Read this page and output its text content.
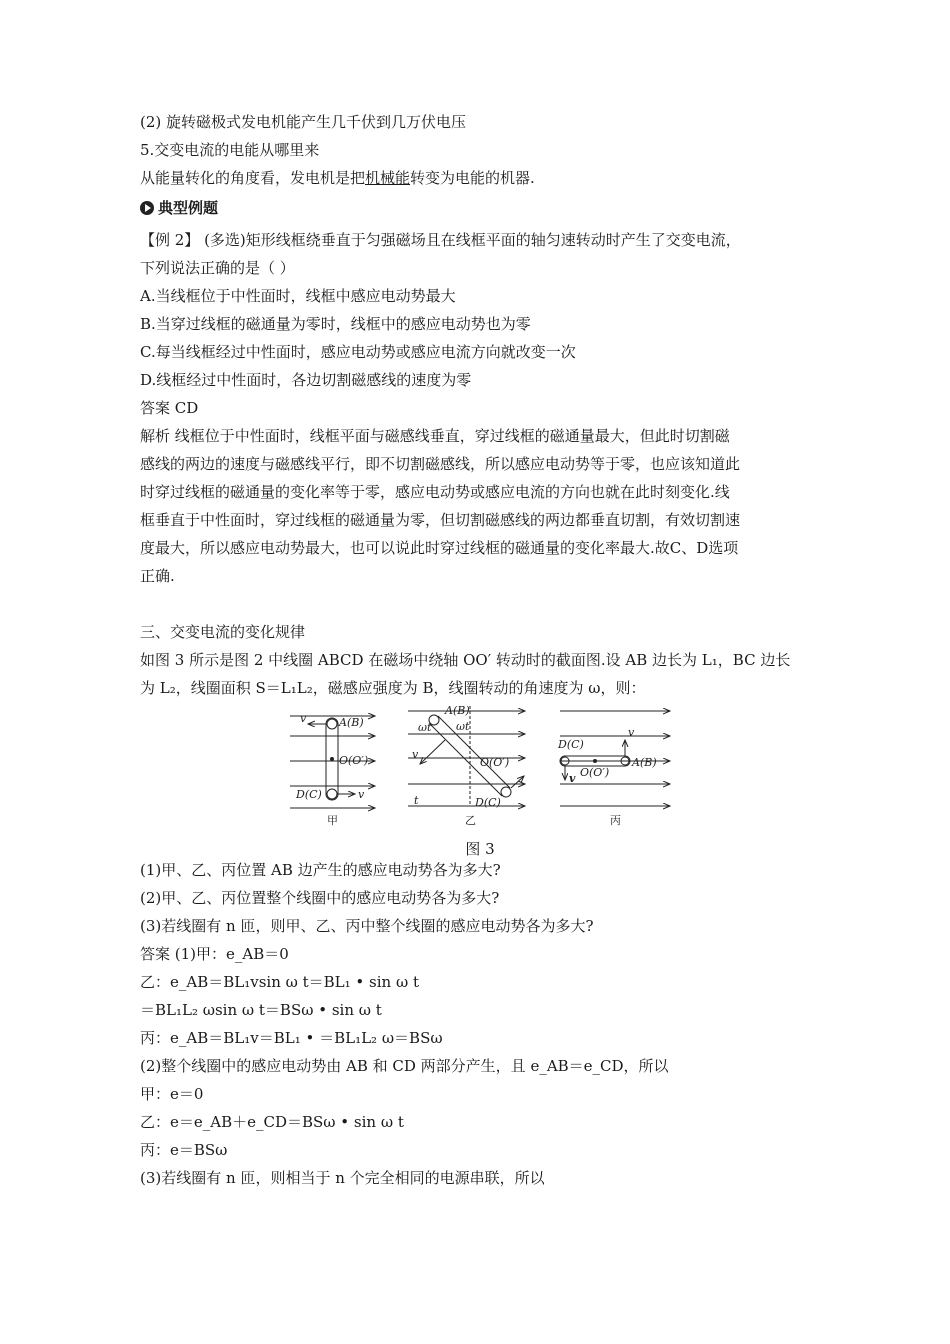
(2) 旋转磁极式发电机能产生几千伏到几万伏电压
5.交变电流的电能从哪里来
从能量转化的角度看，发电机是把机械能转变为电能的机器.
典型例题
【例 2】 (多选)矩形线框绕垂直于匀强磁场且在线框平面的轴匀速转动时产生了交变电流，
下列说法正确的是（ ）
A.当线框位于中性面时，线框中感应电动势最大
B.当穿过线框的磁通量为零时，线框中的感应电动势也为零
C.每当线框经过中性面时，感应电动势或感应电流方向就改变一次
D.线框经过中性面时，各边切割磁感线的速度为零
答案 CD
解析 线框位于中性面时，线框平面与磁感线垂直，穿过线框的磁通量最大，但此时切割磁
感线的两边的速度与磁感线平行，即不切割磁感线，所以感应电动势等于零，也应该知道此
时穿过线框的磁通量的变化率等于零，感应电动势或感应电流的方向也就在此时刻变化.线
框垂直于中性面时，穿过线框的磁通量为零，但切割磁感线的两边都垂直切割，有效切割速
度最大，所以感应电动势最大，也可以说此时穿过线框的磁通量的变化率最大.故C、D选项
正确.
三、交变电流的变化规律
如图 3 所示是图 2 中线圈 ABCD 在磁场中绕轴 OO′ 转动时的截面图.设 AB 边长为 L₁，BC 边长
为 L₂，线圈面积 S＝L₁L₂，磁感应强度为 B，线圈转动的角速度为 ω，则：
v	A(B)
O(O′)
D(C)	v
甲
A(B)
ωt ωt
v
O(O′)
D(C)
t
乙
D(C)
v
O(O′)
A(B)
v
丙
图 3
(1)甲、乙、丙位置 AB 边产生的感应电动势各为多大?
(2)甲、乙、丙位置整个线圈中的感应电动势各为多大?
(3)若线圈有 n 匝，则甲、乙、丙中整个线圈的感应电动势各为多大?
答案 (1)甲：e_AB＝0
乙：e_AB＝BL₁vsin ω t＝BL₁ • sin ω t
＝BL₁L₂ ωsin ω t＝BSω • sin ω t
丙：e_AB＝BL₁v＝BL₁ • ＝BL₁L₂ ω＝BSω
(2)整个线圈中的感应电动势由 AB 和 CD 两部分产生，且 e_AB＝e_CD，所以
甲：e＝0
乙：e＝e_AB＋e_CD＝BSω • sin ω t
丙：e＝BSω
(3)若线圈有 n 匝，则相当于 n 个完全相同的电源串联，所以
